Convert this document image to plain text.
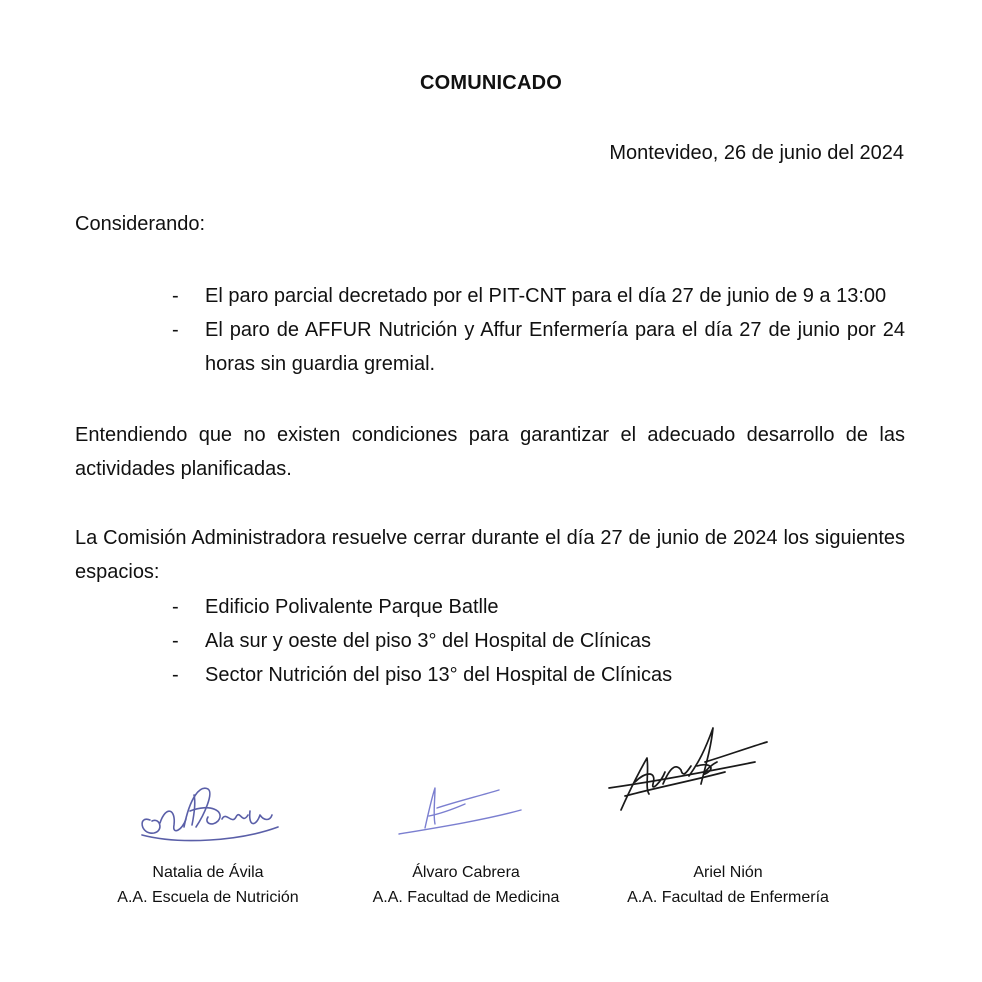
COMUNICADO
Montevideo, 26 de junio del 2024

Considerando:

- El paro parcial decretado por el PIT-CNT para el día 27 de junio de 9 a 13:00
- El paro de AFFUR Nutrición y Affur Enfermería para el día 27 de junio por 24 horas sin guardia gremial.

Entendiendo que no existen condiciones para garantizar el adecuado desarrollo de las actividades planificadas.

La Comisión Administradora resuelve cerrar durante el día 27 de junio de 2024 los siguientes espacios:

- Edificio Polivalente Parque Batlle
- Ala sur y oeste del piso 3° del Hospital de Clínicas
- Sector Nutrición del piso 13° del Hospital de Clínicas
Natalia de Ávila
A.A. Escuela de Nutrición
Álvaro Cabrera
A.A. Facultad de Medicina
Ariel Nión
A.A. Facultad de Enfermería
